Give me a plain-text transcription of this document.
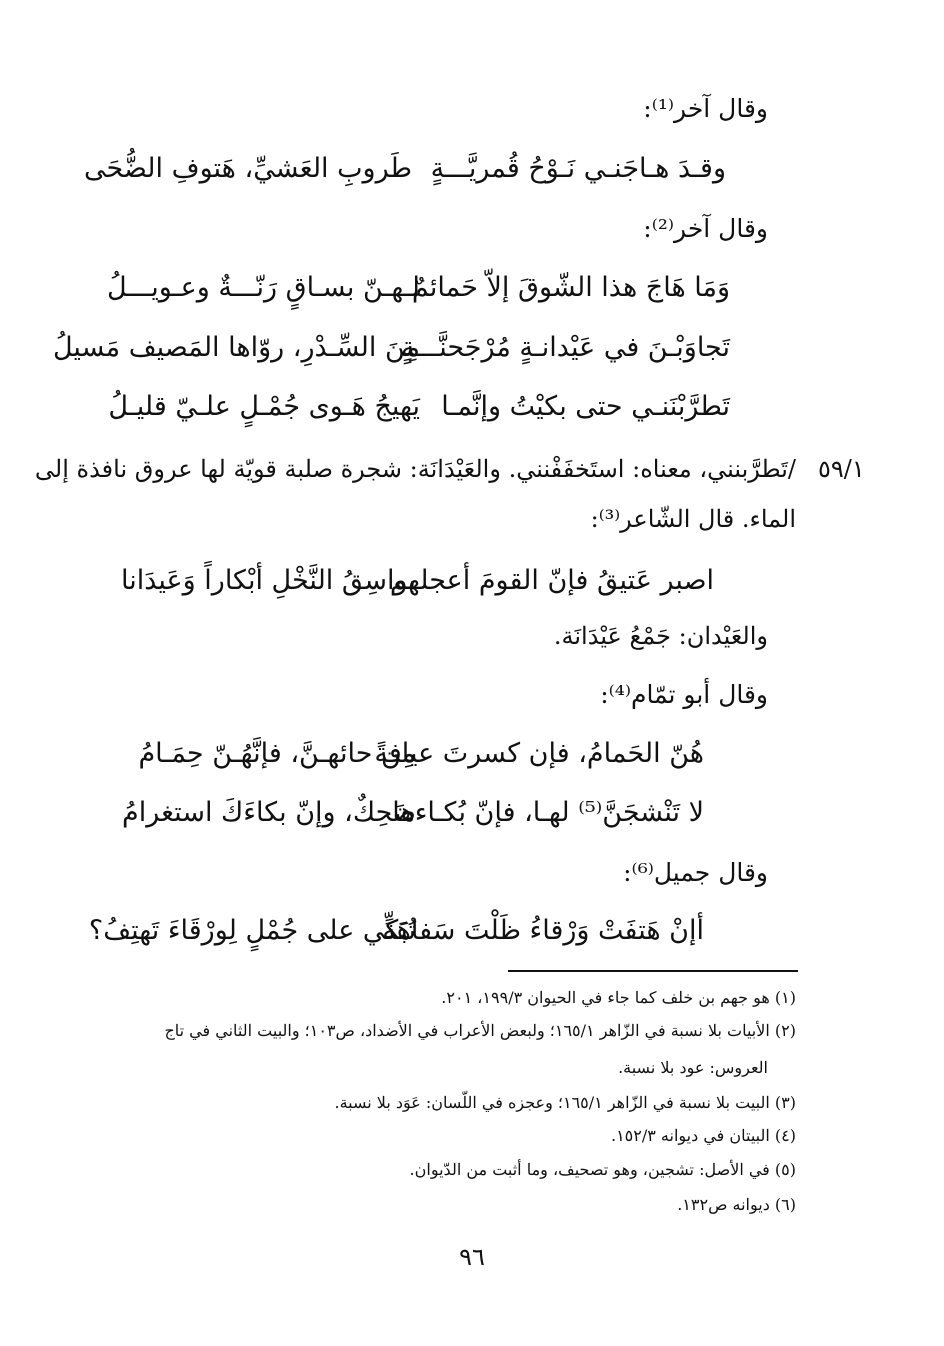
وقال آخر⁽¹⁾:
وقـدَ هـاجَنـي نَـوْحُ قُمريَّـــةٍ
طَروبِ العَشيِّ، هَتوفِ الضُّحَى
وقال آخر⁽²⁾:
وَمَا هَاجَ هذا الشّوقَ إلاّ حَمائمٌ
لـهـنّ بسـاقٍ رَنّـــةٌ وعـويـــلُ
تَجاوَبْـنَ في عَيْدانـةٍ مُرْجَحنَّـــةٍ
مِنَ السِّـدْرِ، روّاها المَصيف مَسيلُ
تَطرَّبْنَنـي حتى بكيْتُ وإنَّمـا
يَهيجُ هَـوى جُمْـلٍ علـيّ قليـلُ
٥٩/١
/تَطرَّبنني، معناه: استَخفَفْنني. والعَيْدَانَة: شجرة صلبة قويّة لها عروق نافذة إلى
الماء. قال الشّاعر⁽³⁾:
اصبر عَتيقُ فإنّ القومَ أعجلهم
بواسِقُ النَّخْلِ أبْكاراً وَعَيدَانا
والعَيْدان: جَمْعُ عَيْدَانَة.
وقال أبو تمّام⁽⁴⁾:
هُنّ الحَمامُ، فإن كسرتَ عيافةً
مِن حائهـنَّ، فإنَّهُـنّ حِمَـامُ
لا تَنْشجَنَّ⁽⁵⁾ لهـا، فإنّ بُكـاءها
ضَحِكٌ، وإنّ بكاءَكَ استغرامُ
وقال جميل⁽⁶⁾:
أإنْ هَتفَتْ وَرْقاءُ ظَلْتَ سَفاهَةً
تُبَكّي على جُمْلٍ لِورْقَاءَ تَهتِفُ؟
(١) هو جهم بن خلف كما جاء في الحيوان ١٩٩/٣، ٢٠١.
(٢) الأبيات بلا نسبة في الزّاهر ١٦٥/١؛ ولبعض الأعراب في الأضداد، ص١٠٣؛ والبيت الثاني في تاج
العروس: عود بلا نسبة.
(٣) البيت بلا نسبة في الزّاهر ١٦٥/١؛ وعجزه في اللّسان: عَوَد بلا نسبة.
(٤) البيتان في ديوانه ١٥٢/٣.
(٥) في الأصل: تشجين، وهو تصحيف، وما أثبت من الدّيوان.
(٦) ديوانه ص١٣٢.
٩٦
